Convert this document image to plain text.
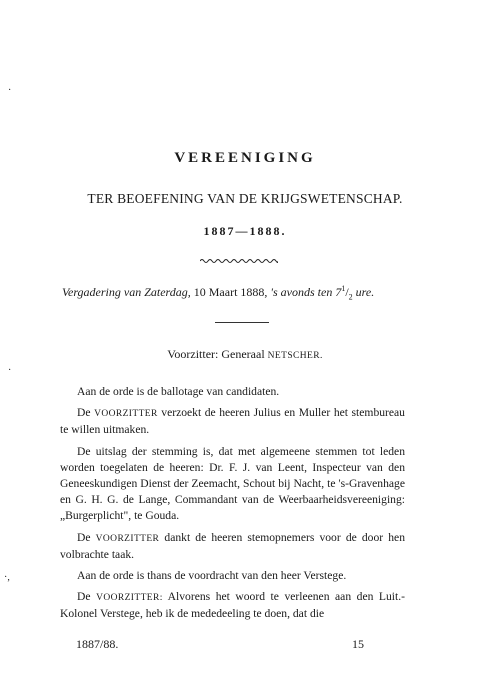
·
·
·,
VEREENIGING
TER BEOEFENING VAN DE KRIJGSWETENSCHAP.
1887—1888.
Vergadering van Zaterdag, 10 Maart 1888, 's avonds ten $7^1/_2$ ure.
Voorzitter: Generaal NETSCHER.

Aan de orde is de ballotage van candidaten.

De VOORZITTER verzoekt de heeren Julius en Muller het stembureau te willen uitmaken.

De uitslag der stemming is, dat met algemeene stemmen tot leden worden toegelaten de heeren: Dr. F. J. van Leent, Inspecteur van den Geneeskundigen Dienst der Zeemacht, Schout bij Nacht, te 's-Gravenhage en G. H. G. de Lange, Commandant van de Weerbaarheidsvereeniging: „Burgerplicht", te Gouda.

De VOORZITTER dankt de heeren stemopnemers voor de door hen volbrachte taak.

Aan de orde is thans de voordracht van den heer Verstege.

De VOORZITTER: Alvorens het woord te verleenen aan den Luit.-Kolonel Verstege, heb ik de mededeeling te doen, dat die

1887/88.	15
